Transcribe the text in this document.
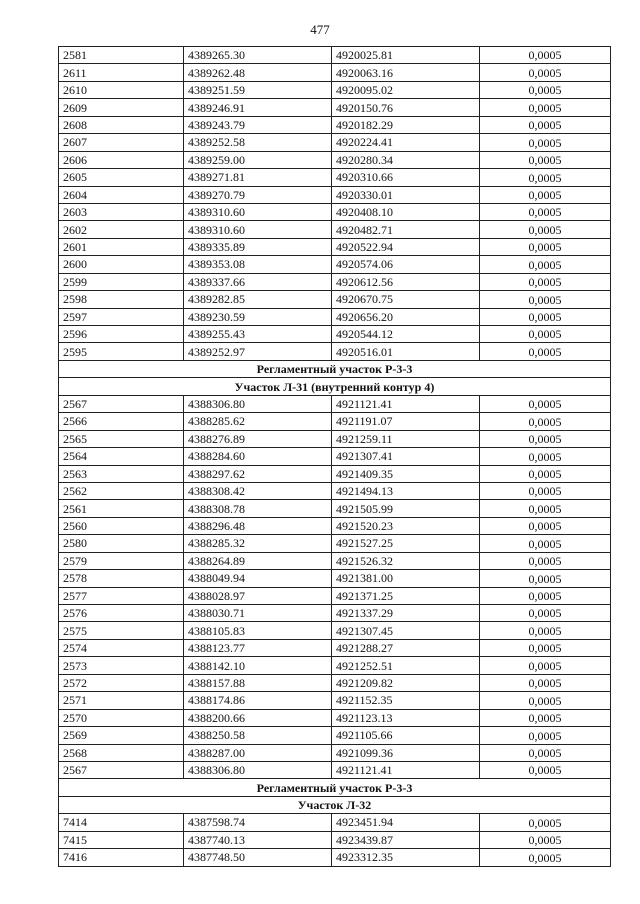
477
2581	4389265.30	4920025.81	0,0005
2611	4389262.48	4920063.16	0,0005
2610	4389251.59	4920095.02	0,0005
2609	4389246.91	4920150.76	0,0005
2608	4389243.79	4920182.29	0,0005
2607	4389252.58	4920224.41	0,0005
2606	4389259.00	4920280.34	0,0005
2605	4389271.81	4920310.66	0,0005
2604	4389270.79	4920330.01	0,0005
2603	4389310.60	4920408.10	0,0005
2602	4389310.60	4920482.71	0,0005
2601	4389335.89	4920522.94	0,0005
2600	4389353.08	4920574.06	0,0005
2599	4389337.66	4920612.56	0,0005
2598	4389282.85	4920670.75	0,0005
2597	4389230.59	4920656.20	0,0005
2596	4389255.43	4920544.12	0,0005
2595	4389252.97	4920516.01	0,0005
Регламентный участок Р-3-3			
Участок Л-31 (внутренний контур 4)			
2567	4388306.80	4921121.41	0,0005
2566	4388285.62	4921191.07	0,0005
2565	4388276.89	4921259.11	0,0005
2564	4388284.60	4921307.41	0,0005
2563	4388297.62	4921409.35	0,0005
2562	4388308.42	4921494.13	0,0005
2561	4388308.78	4921505.99	0,0005
2560	4388296.48	4921520.23	0,0005
2580	4388285.32	4921527.25	0,0005
2579	4388264.89	4921526.32	0,0005
2578	4388049.94	4921381.00	0,0005
2577	4388028.97	4921371.25	0,0005
2576	4388030.71	4921337.29	0,0005
2575	4388105.83	4921307.45	0,0005
2574	4388123.77	4921288.27	0,0005
2573	4388142.10	4921252.51	0,0005
2572	4388157.88	4921209.82	0,0005
2571	4388174.86	4921152.35	0,0005
2570	4388200.66	4921123.13	0,0005
2569	4388250.58	4921105.66	0,0005
2568	4388287.00	4921099.36	0,0005
2567	4388306.80	4921121.41	0,0005
Регламентный участок Р-3-3			
Участок Л-32			
7414	4387598.74	4923451.94	0,0005
7415	4387740.13	4923439.87	0,0005
7416	4387748.50	4923312.35	0,0005
